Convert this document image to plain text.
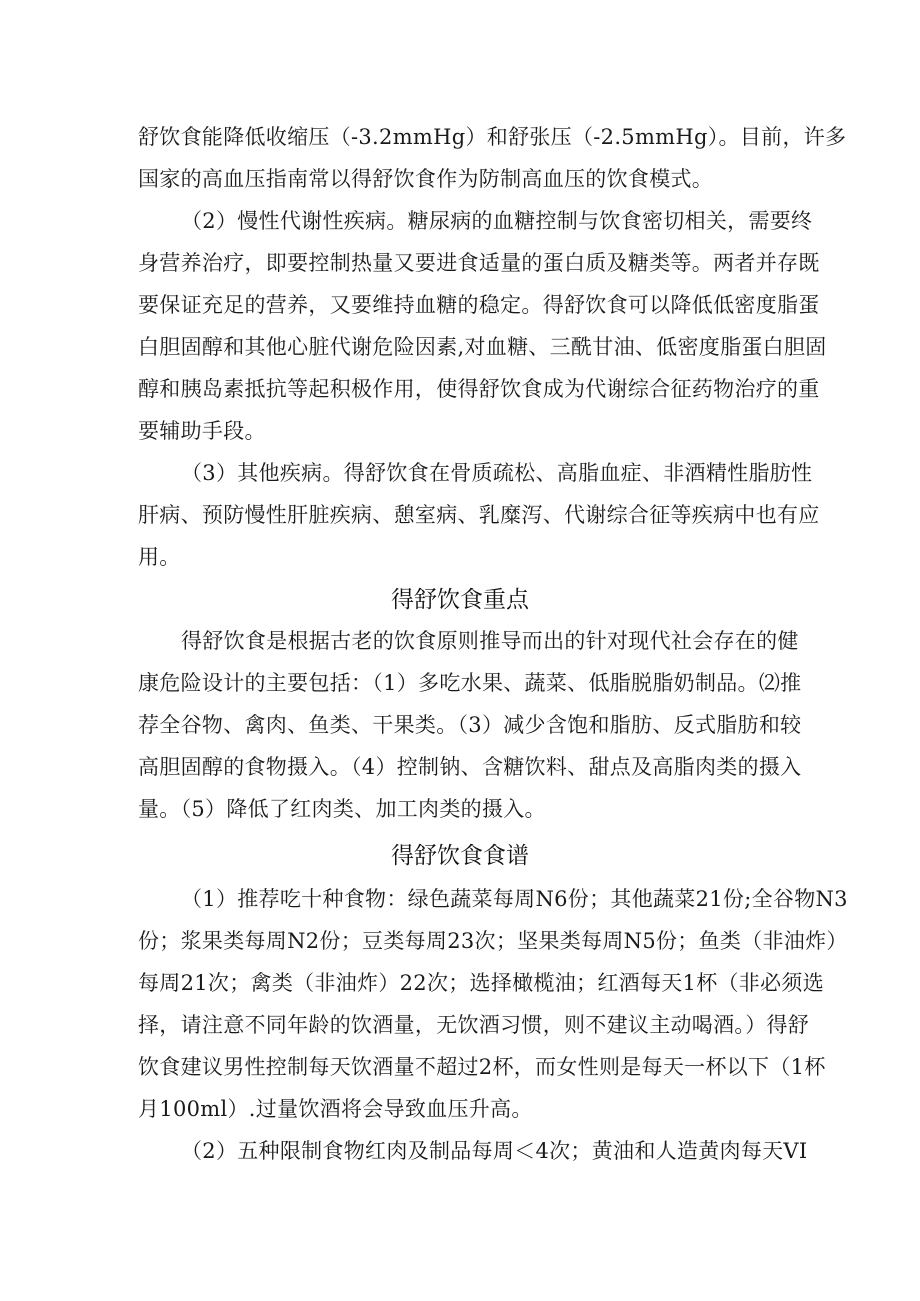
舒饮食能降低收缩压（-3.2mmHg）和舒张压（-2.5mmHg）。目前，许多
国家的高血压指南常以得舒饮食作为防制高血压的饮食模式。
（2）慢性代谢性疾病。糖尿病的血糖控制与饮食密切相关，需要终
身营养治疗，即要控制热量又要进食适量的蛋白质及糖类等。两者并存既
要保证充足的营养，又要维持血糖的稳定。得舒饮食可以降低低密度脂蛋
白胆固醇和其他心脏代谢危险因素,对血糖、三酰甘油、低密度脂蛋白胆固
醇和胰岛素抵抗等起积极作用，使得舒饮食成为代谢综合征药物治疗的重
要辅助手段。
（3）其他疾病。得舒饮食在骨质疏松、高脂血症、非酒精性脂肪性
肝病、预防慢性肝脏疾病、憩室病、乳糜泻、代谢综合征等疾病中也有应
用。
得舒饮食重点
得舒饮食是根据古老的饮食原则推导而出的针对现代社会存在的健
康危险设计的主要包括：（1）多吃水果、蔬菜、低脂脱脂奶制品。⑵推
荐全谷物、禽肉、鱼类、干果类。（3）减少含饱和脂肪、反式脂肪和较
高胆固醇的食物摄入。（4）控制钠、含糖饮料、甜点及高脂肉类的摄入
量。（5）降低了红肉类、加工肉类的摄入。
得舒饮食食谱
（1）推荐吃十种食物：绿色蔬菜每周N6份；其他蔬菜21份;全谷物N3
份；浆果类每周N2份；豆类每周23次；坚果类每周N5份；鱼类（非油炸）
每周21次；禽类（非油炸）22次；选择橄榄油；红酒每天1杯（非必须选
择，请注意不同年龄的饮酒量，无饮酒习惯，则不建议主动喝酒。）得舒
饮食建议男性控制每天饮酒量不超过2杯，而女性则是每天一杯以下（1杯
月100ml）.过量饮酒将会导致血压升高。
（2）五种限制食物红肉及制品每周＜4次；黄油和人造黄肉每天VI
